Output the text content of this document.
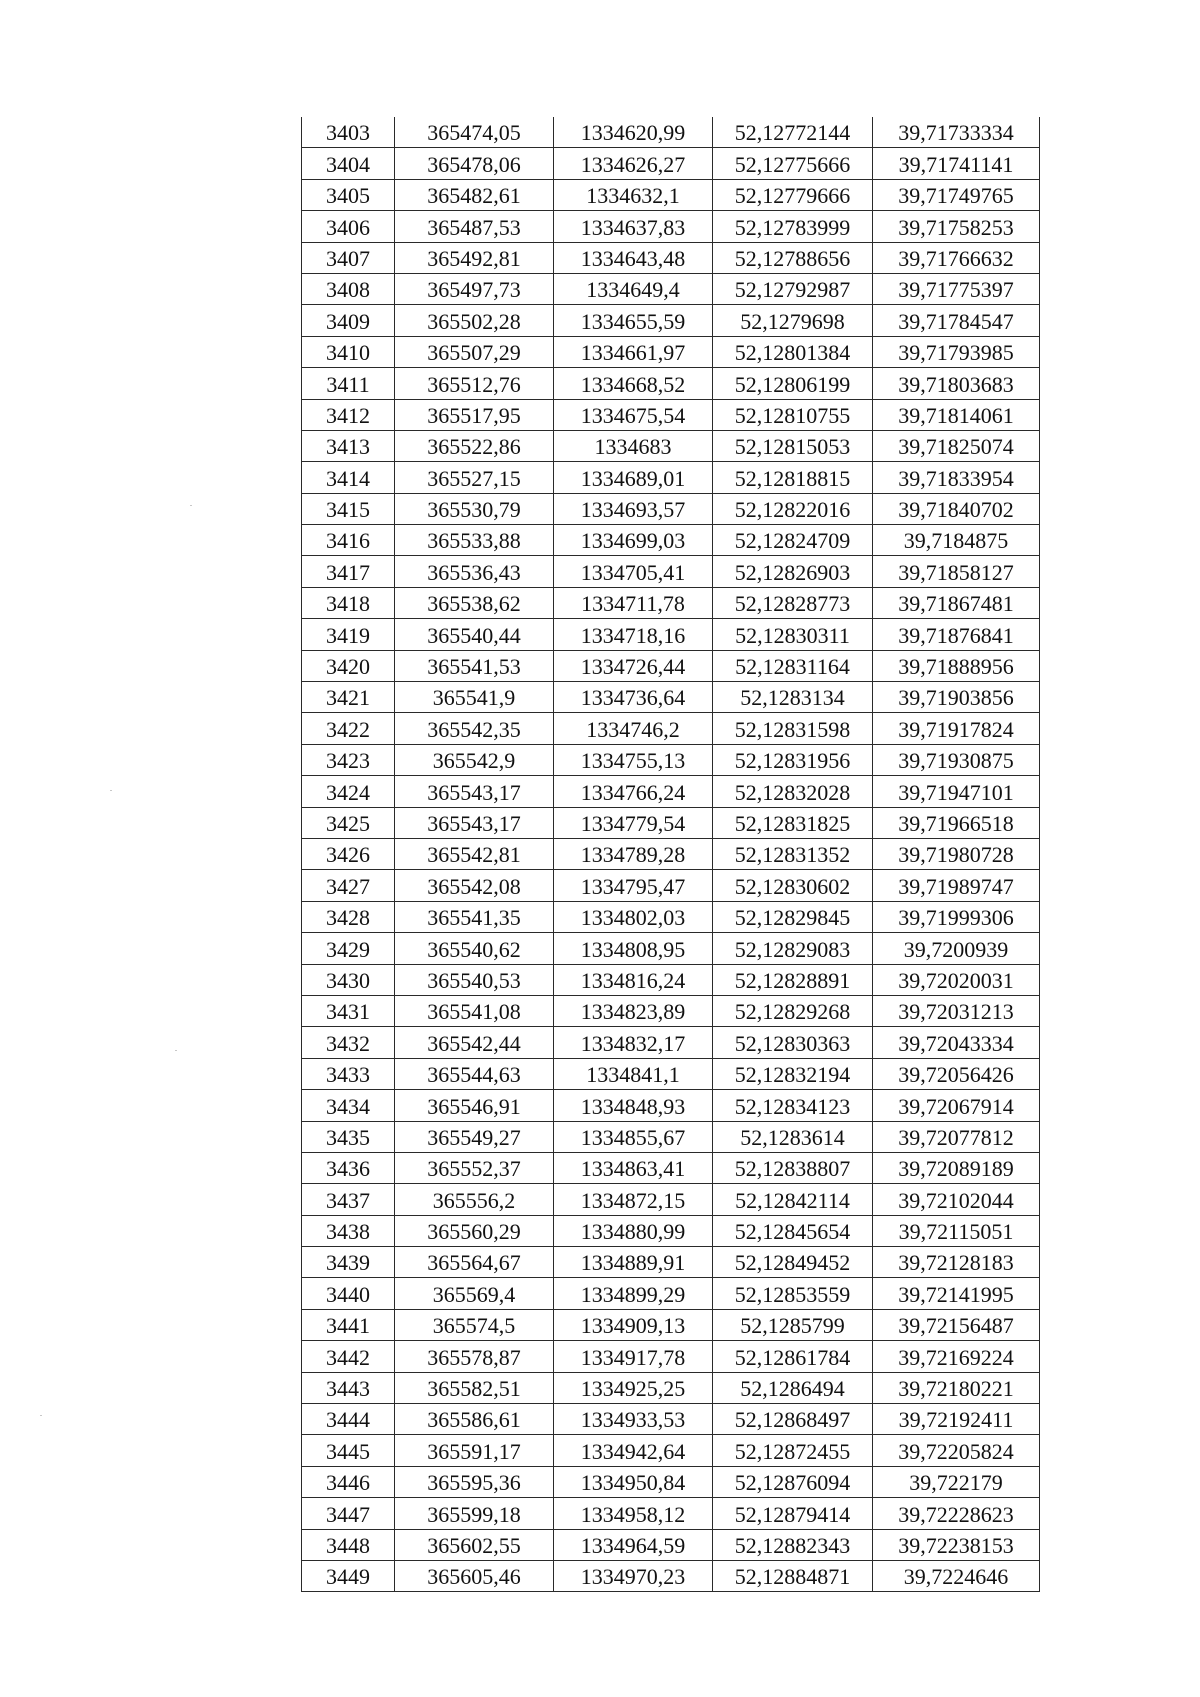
3403	365474,05	1334620,99	52,12772144	39,71733334
3404	365478,06	1334626,27	52,12775666	39,71741141
3405	365482,61	1334632,1	52,12779666	39,71749765
3406	365487,53	1334637,83	52,12783999	39,71758253
3407	365492,81	1334643,48	52,12788656	39,71766632
3408	365497,73	1334649,4	52,12792987	39,71775397
3409	365502,28	1334655,59	52,1279698	39,71784547
3410	365507,29	1334661,97	52,12801384	39,71793985
3411	365512,76	1334668,52	52,12806199	39,71803683
3412	365517,95	1334675,54	52,12810755	39,71814061
3413	365522,86	1334683	52,12815053	39,71825074
3414	365527,15	1334689,01	52,12818815	39,71833954
3415	365530,79	1334693,57	52,12822016	39,71840702
3416	365533,88	1334699,03	52,12824709	39,7184875
3417	365536,43	1334705,41	52,12826903	39,71858127
3418	365538,62	1334711,78	52,12828773	39,71867481
3419	365540,44	1334718,16	52,12830311	39,71876841
3420	365541,53	1334726,44	52,12831164	39,71888956
3421	365541,9	1334736,64	52,1283134	39,71903856
3422	365542,35	1334746,2	52,12831598	39,71917824
3423	365542,9	1334755,13	52,12831956	39,71930875
3424	365543,17	1334766,24	52,12832028	39,71947101
3425	365543,17	1334779,54	52,12831825	39,71966518
3426	365542,81	1334789,28	52,12831352	39,71980728
3427	365542,08	1334795,47	52,12830602	39,71989747
3428	365541,35	1334802,03	52,12829845	39,71999306
3429	365540,62	1334808,95	52,12829083	39,7200939
3430	365540,53	1334816,24	52,12828891	39,72020031
3431	365541,08	1334823,89	52,12829268	39,72031213
3432	365542,44	1334832,17	52,12830363	39,72043334
3433	365544,63	1334841,1	52,12832194	39,72056426
3434	365546,91	1334848,93	52,12834123	39,72067914
3435	365549,27	1334855,67	52,1283614	39,72077812
3436	365552,37	1334863,41	52,12838807	39,72089189
3437	365556,2	1334872,15	52,12842114	39,72102044
3438	365560,29	1334880,99	52,12845654	39,72115051
3439	365564,67	1334889,91	52,12849452	39,72128183
3440	365569,4	1334899,29	52,12853559	39,72141995
3441	365574,5	1334909,13	52,1285799	39,72156487
3442	365578,87	1334917,78	52,12861784	39,72169224
3443	365582,51	1334925,25	52,1286494	39,72180221
3444	365586,61	1334933,53	52,12868497	39,72192411
3445	365591,17	1334942,64	52,12872455	39,72205824
3446	365595,36	1334950,84	52,12876094	39,722179
3447	365599,18	1334958,12	52,12879414	39,72228623
3448	365602,55	1334964,59	52,12882343	39,72238153
3449	365605,46	1334970,23	52,12884871	39,7224646
